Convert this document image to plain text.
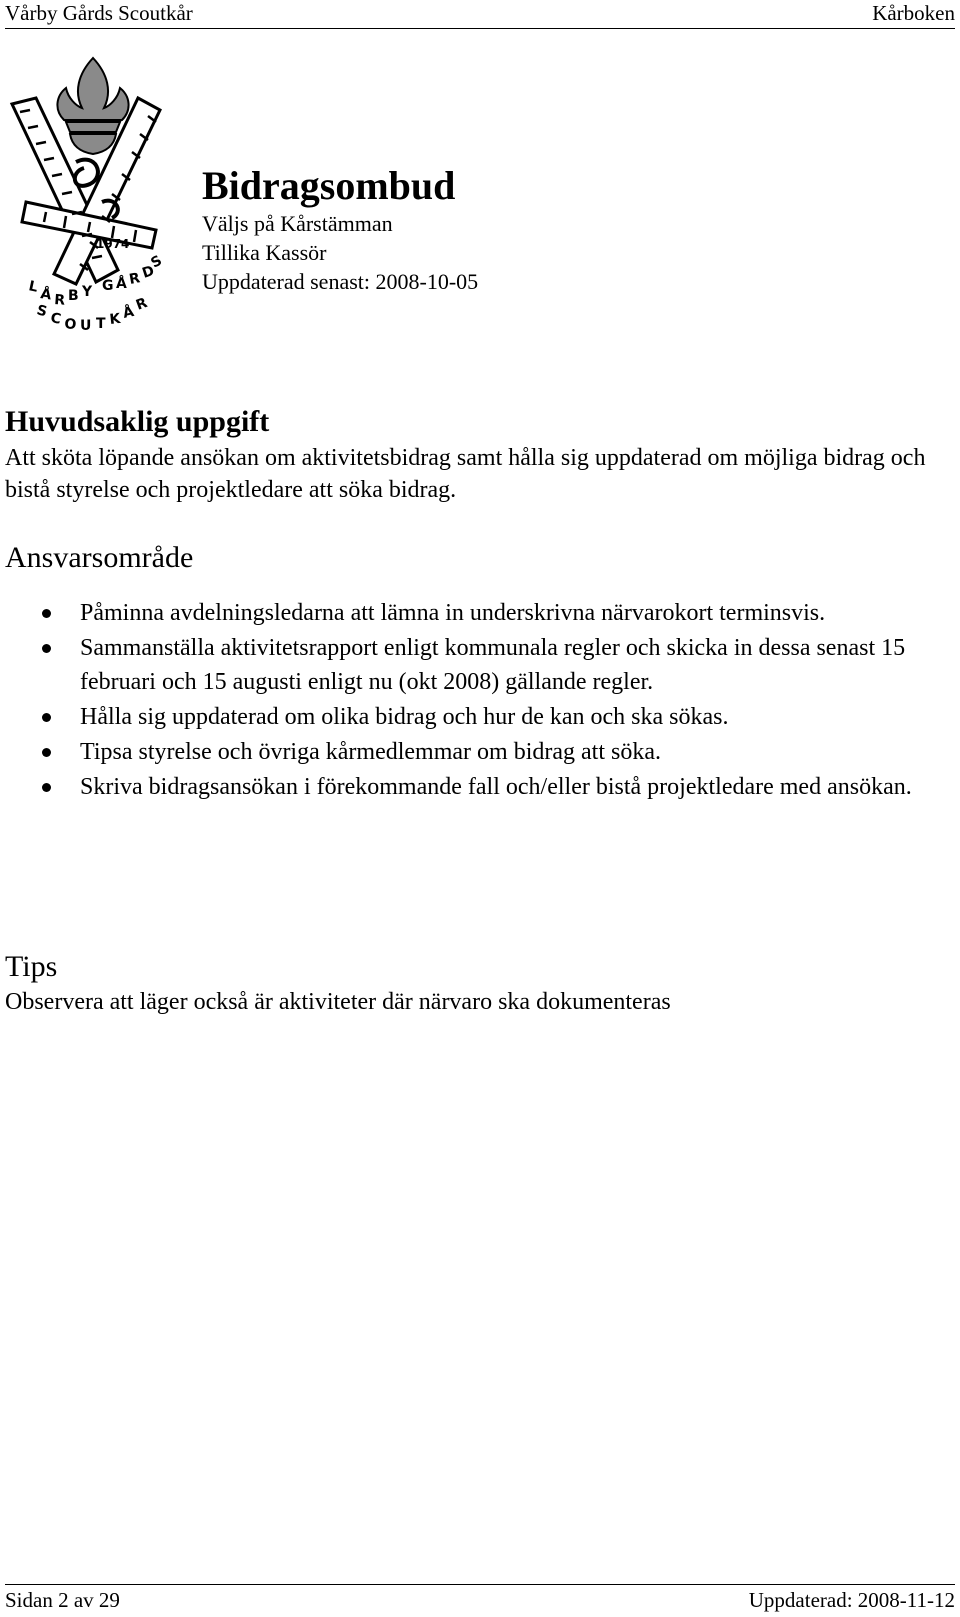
Vårby Gårds Scoutkår	Kårboken
1974
L Å R B Y G Å R
D
S
S C O U T K Å
R
Bidragsombud
Väljs på Kårstämman
Tillika Kassör
Uppdaterad senast: 2008-10-05
Huvudsaklig uppgift
Att sköta löpande ansökan om aktivitetsbidrag samt hålla sig uppdaterad om möjliga bidrag och bistå styrelse och projektledare att söka bidrag.
Ansvarsområde
Påminna avdelningsledarna att lämna in underskrivna närvarokort terminsvis.
Sammanställa aktivitetsrapport enligt kommunala regler och skicka in dessa senast 15 februari och 15 augusti enligt nu (okt 2008) gällande regler.
Hålla sig uppdaterad om olika bidrag och hur de kan och ska sökas.
Tipsa styrelse och övriga kårmedlemmar om bidrag att söka.
Skriva bidragsansökan i förekommande fall och/eller bistå projektledare med ansökan.
Tips
Observera att läger också är aktiviteter där närvaro ska dokumenteras
Sidan 2 av 29	Uppdaterad: 2008-11-12
